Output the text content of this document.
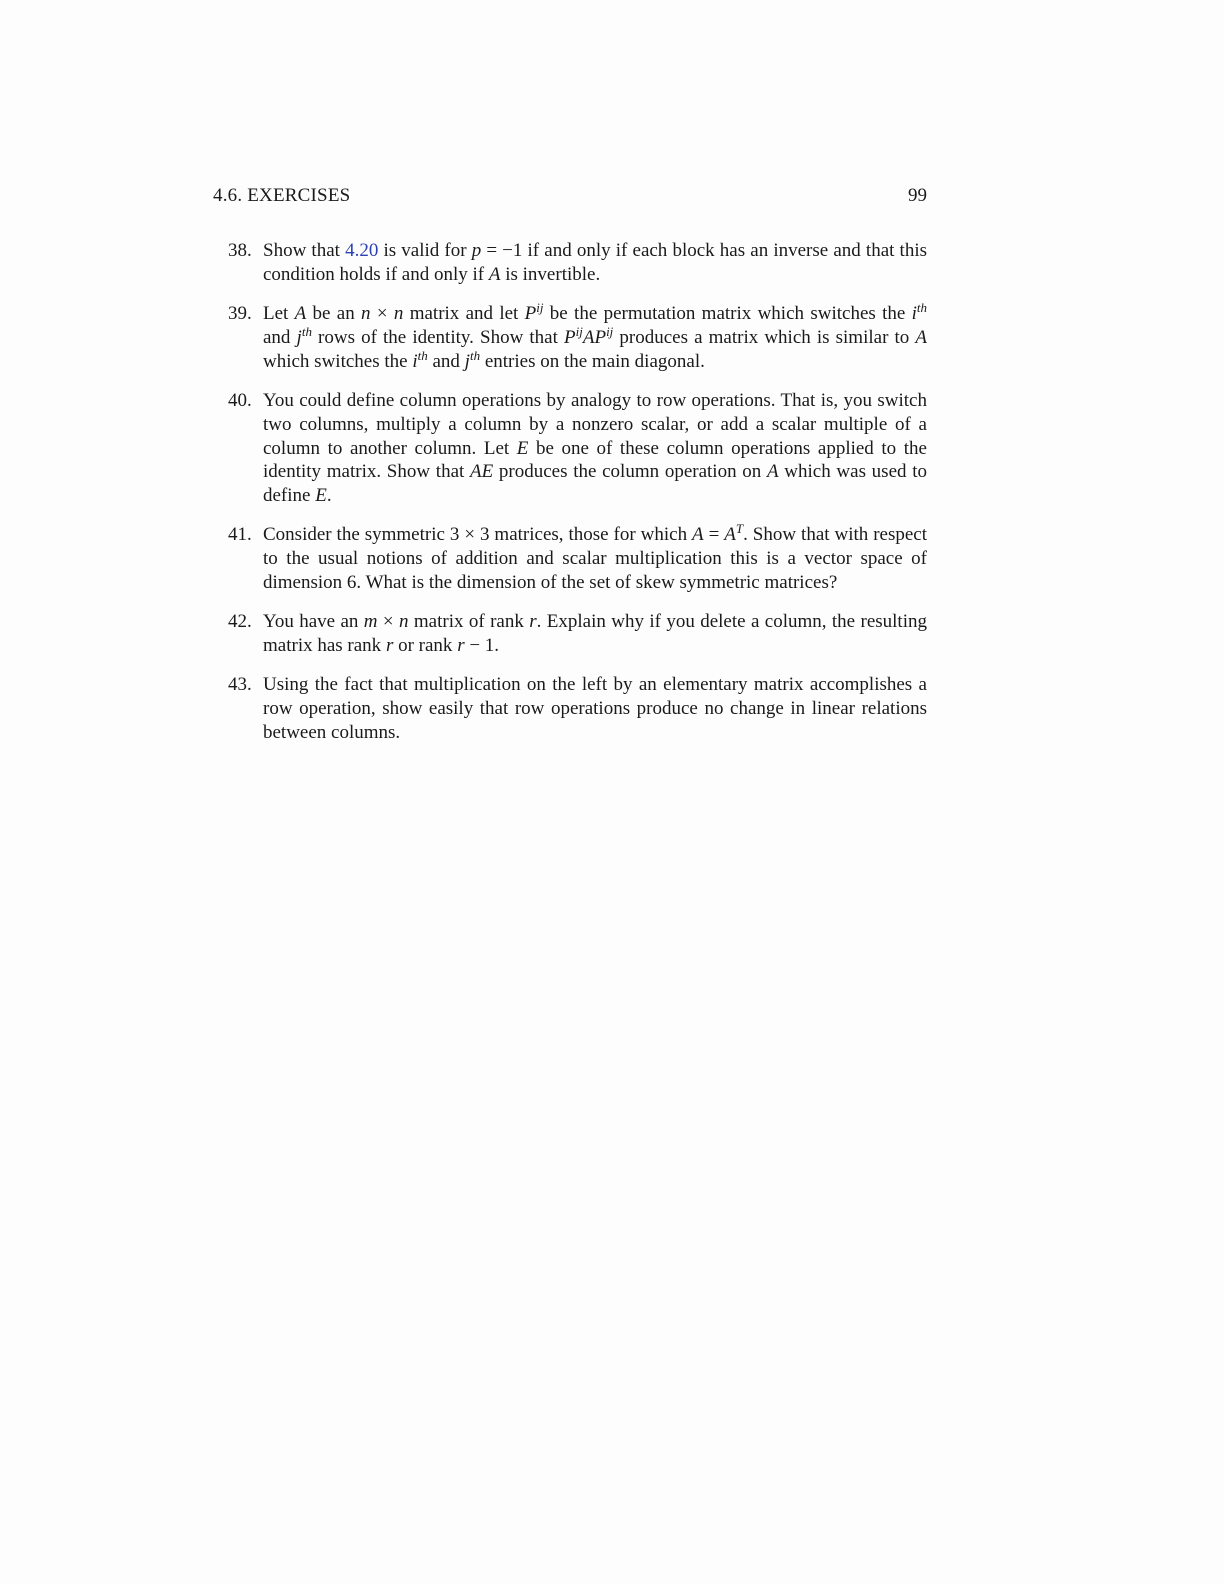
4.6. EXERCISES	99
38. Show that 4.20 is valid for p = −1 if and only if each block has an inverse and that this condition holds if and only if A is invertible.
39. Let A be an n × n matrix and let $P^{ij}$ be the permutation matrix which switches the $i^{th}$ and $j^{th}$ rows of the identity. Show that $P^{ij}AP^{ij}$ produces a matrix which is similar to A which switches the $i^{th}$ and $j^{th}$ entries on the main diagonal.
40. You could define column operations by analogy to row operations. That is, you switch two columns, multiply a column by a nonzero scalar, or add a scalar multiple of a column to another column. Let E be one of these column operations applied to the identity matrix. Show that AE produces the column operation on A which was used to define E.
41. Consider the symmetric 3 × 3 matrices, those for which $A = A^T$. Show that with respect to the usual notions of addition and scalar multiplication this is a vector space of dimension 6. What is the dimension of the set of skew symmetric matrices?
42. You have an m × n matrix of rank r. Explain why if you delete a column, the resulting matrix has rank r or rank r − 1.
43. Using the fact that multiplication on the left by an elementary matrix accomplishes a row operation, show easily that row operations produce no change in linear relations between columns.
